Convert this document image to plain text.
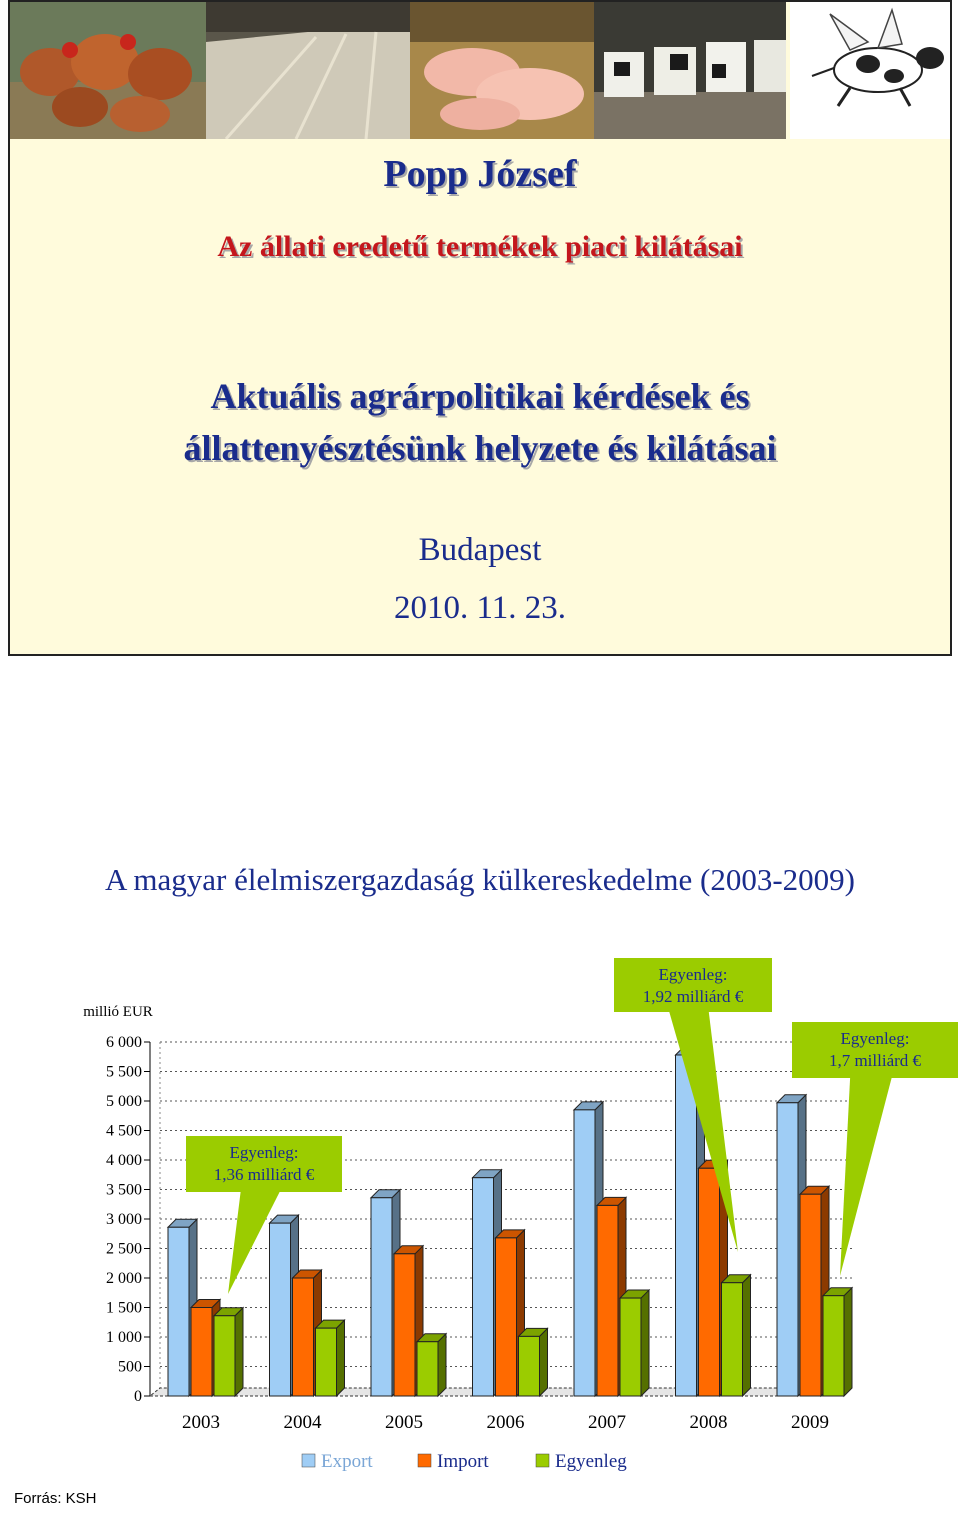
Popp József
Az állati eredetű termékek piaci kilátásai
Aktuális agrárpolitikai kérdések és
állattenyésztésünk helyzete és kilátásai
Budapest
2010. 11. 23.
A magyar élelmiszergazdaság külkereskedelme (2003-2009)
millió EUR
0
500
1 000
1 500
2 000
2 500
3 000
3 500
4 000
4 500
5 000
5 500
6 000
2003	2004	2005	2006	2007	2008	2009
Export	Import	Egyenleg
Egyenleg:
1,36 milliárd €
Egyenleg:
1,92 milliárd €
Egyenleg:
1,7 milliárd €
Forrás: KSH
